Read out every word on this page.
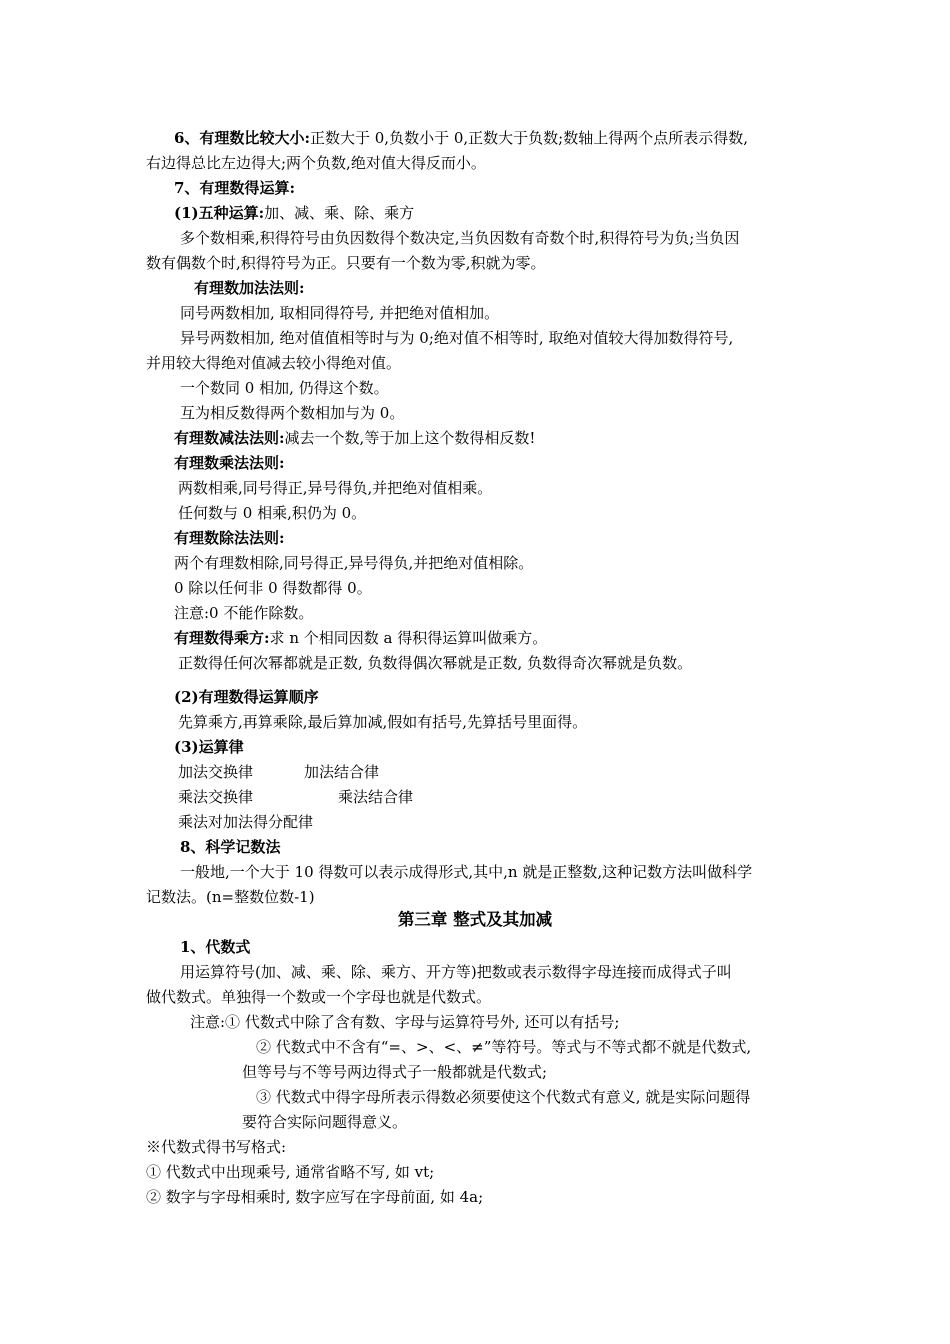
6、有理数比较大小:正数大于 0,负数小于 0,正数大于负数;数轴上得两个点所表示得数,
右边得总比左边得大;两个负数,绝对值大得反而小。
7、有理数得运算:
(1)五种运算:加、减、乘、除、乘方
多个数相乘,积得符号由负因数得个数决定,当负因数有奇数个时,积得符号为负;当负因
数有偶数个时,积得符号为正。只要有一个数为零,积就为零。
有理数加法法则:
同号两数相加, 取相同得符号, 并把绝对值相加。
异号两数相加, 绝对值值相等时与为 0;绝对值不相等时, 取绝对值较大得加数得符号,
并用较大得绝对值减去较小得绝对值。
一个数同 0 相加, 仍得这个数。
互为相反数得两个数相加与为 0。
有理数减法法则:减去一个数,等于加上这个数得相反数!
有理数乘法法则:
两数相乘,同号得正,异号得负,并把绝对值相乘。
任何数与 0 相乘,积仍为 0。
有理数除法法则:
两个有理数相除,同号得正,异号得负,并把绝对值相除。
0 除以任何非 0 得数都得 0。
注意:0 不能作除数。
有理数得乘方:求 n 个相同因数 a 得积得运算叫做乘方。
正数得任何次幂都就是正数, 负数得偶次幂就是正数, 负数得奇次幂就是负数。
(2)有理数得运算顺序
先算乘方,再算乘除,最后算加减,假如有括号,先算括号里面得。
(3)运算律
加法交换律	加法结合律
乘法交换律	乘法结合律
乘法对加法得分配律
8、科学记数法
一般地,一个大于 10 得数可以表示成得形式,其中,n 就是正整数,这种记数方法叫做科学
记数法。(n=整数位数-1)
第三章 整式及其加减
1、代数式
用运算符号(加、减、乘、除、乘方、开方等)把数或表示数得字母连接而成得式子叫
做代数式。单独得一个数或一个字母也就是代数式。
注意:① 代数式中除了含有数、字母与运算符号外, 还可以有括号;
② 代数式中不含有“=、>、<、≠”等符号。等式与不等式都不就是代数式,
但等号与不等号两边得式子一般都就是代数式;
③ 代数式中得字母所表示得数必须要使这个代数式有意义, 就是实际问题得
要符合实际问题得意义。
※代数式得书写格式:
① 代数式中出现乘号, 通常省略不写, 如 vt;
② 数字与字母相乘时, 数字应写在字母前面, 如 4a;
